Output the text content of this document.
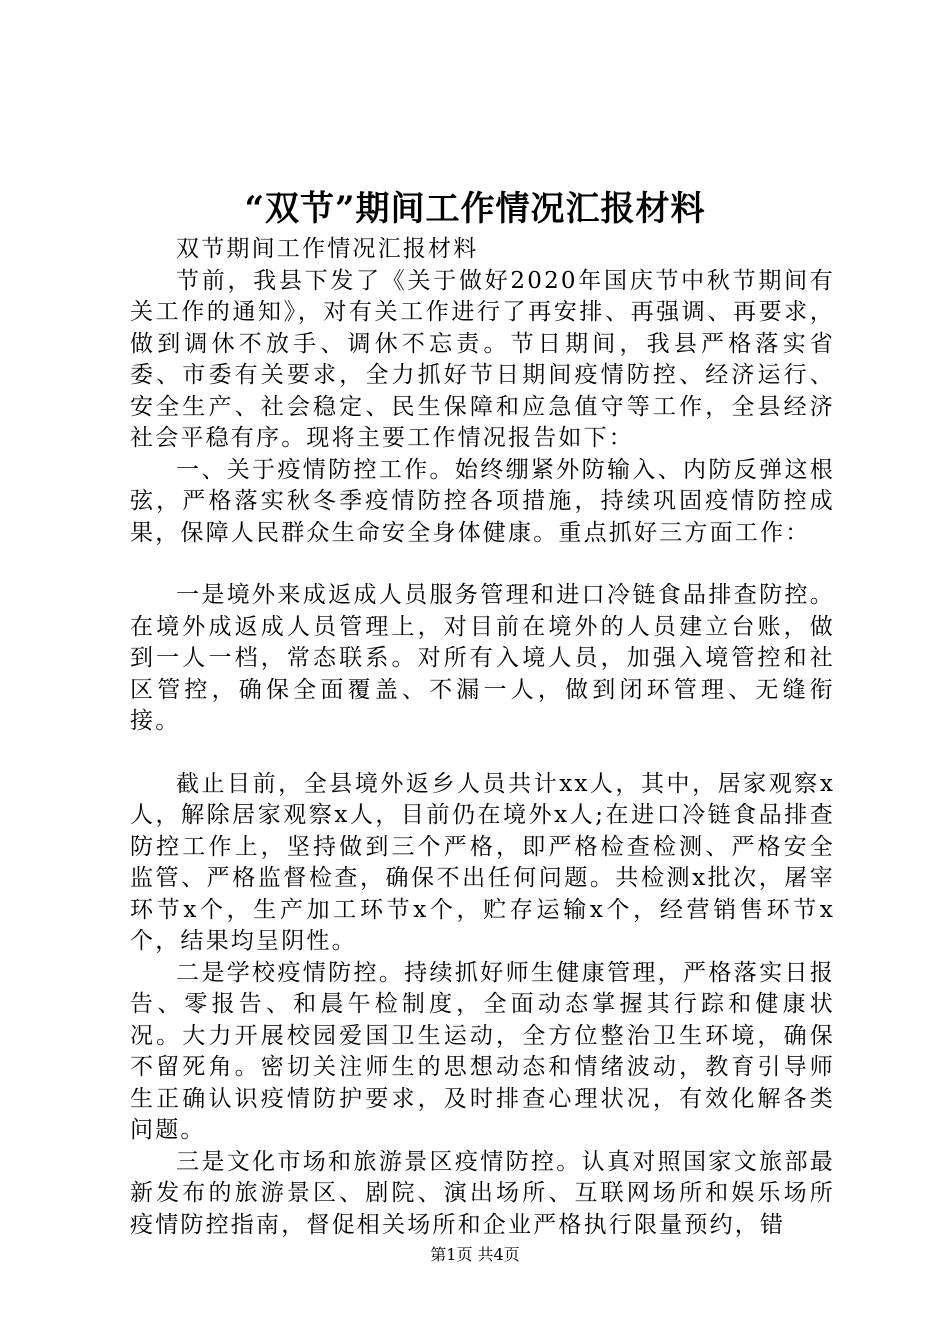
“双节”期间工作情况汇报材料

双节期间工作情况汇报材料

节前，我县下发了《关于做好2020年国庆节中秋节期间有关工作的通知》，对有关工作进行了再安排、再强调、再要求，做到调休不放手、调休不忘责。节日期间，我县严格落实省委、市委有关要求，全力抓好节日期间疫情防控、经济运行、安全生产、社会稳定、民生保障和应急值守等工作，全县经济社会平稳有序。现将主要工作情况报告如下：

一、关于疫情防控工作。始终绷紧外防输入、内防反弹这根弦，严格落实秋冬季疫情防控各项措施，持续巩固疫情防控成果，保障人民群众生命安全身体健康。重点抓好三方面工作：

一是境外来成返成人员服务管理和进口冷链食品排查防控。在境外成返成人员管理上，对目前在境外的人员建立台账，做到一人一档，常态联系。对所有入境人员，加强入境管控和社区管控，确保全面覆盖、不漏一人，做到闭环管理、无缝衔接。

截止目前，全县境外返乡人员共计xx人，其中，居家观察x人，解除居家观察x人，目前仍在境外x人;在进口冷链食品排查防控工作上，坚持做到三个严格，即严格检查检测、严格安全监管、严格监督检查，确保不出任何问题。共检测x批次，屠宰环节x个，生产加工环节x个，贮存运输x个，经营销售环节x个，结果均呈阴性。

二是学校疫情防控。持续抓好师生健康管理，严格落实日报告、零报告、和晨午检制度，全面动态掌握其行踪和健康状况。大力开展校园爱国卫生运动，全方位整治卫生环境，确保不留死角。密切关注师生的思想动态和情绪波动，教育引导师生正确认识疫情防护要求，及时排查心理状况，有效化解各类问题。

三是文化市场和旅游景区疫情防控。认真对照国家文旅部最新发布的旅游景区、剧院、演出场所、互联网场所和娱乐场所疫情防控指南，督促相关场所和企业严格执行限量预约，错

第1页 共4页
